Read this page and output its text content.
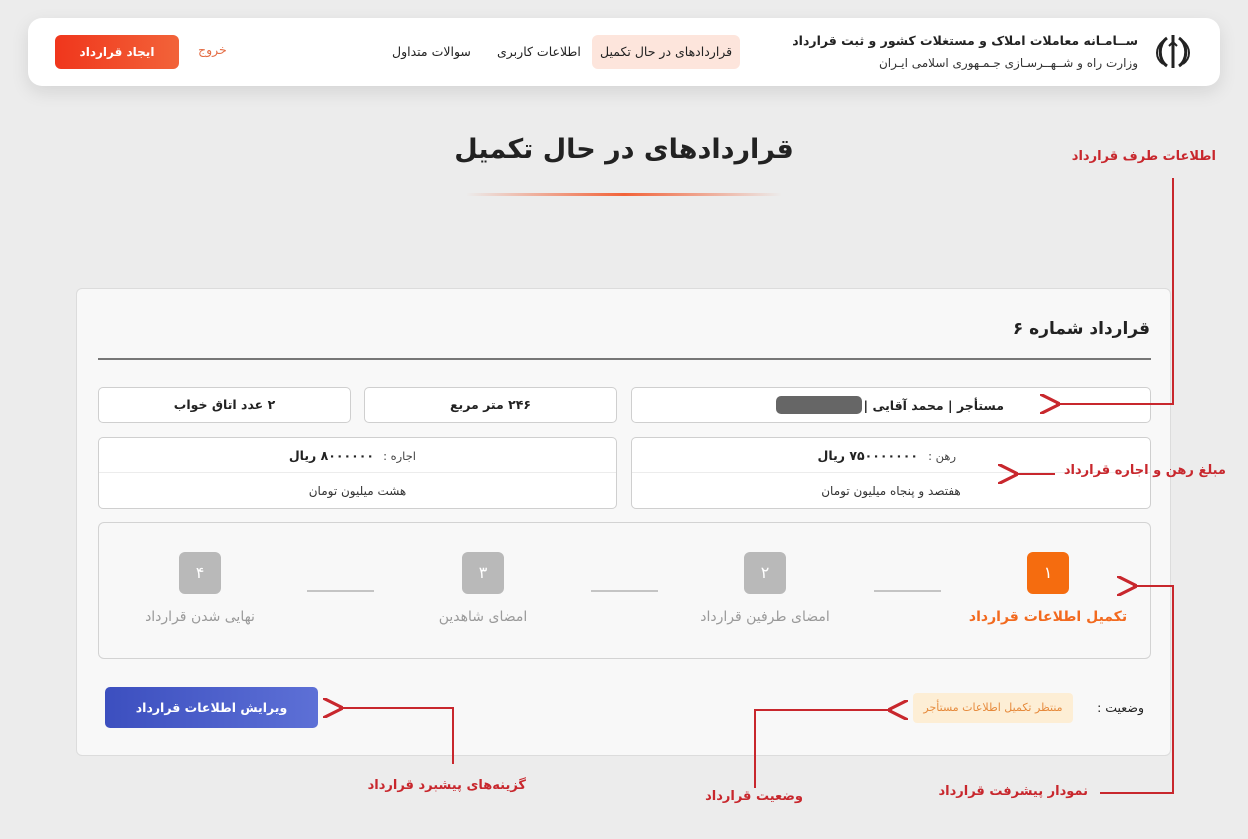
ســامـانه معاملات املاک و مستغلات کشور و ثبت قرارداد
وزارت راه و شــهــرسـازی جـمـهوری اسلامی ایـران
قراردادهای در حال تکمیل
اطلاعات کاربری
سوالات متداول
خروج
ایجاد قرارداد
قراردادهای در حال تکمیل
قرارداد شماره ۶
مستأجر | محمد آقایی |
۲۴۶ متر مربع
۲ عدد اتاق خواب
رهن :
۷۵۰۰۰۰۰۰۰ ریال
هفتصد و پنجاه میلیون تومان
اجاره :
۸۰۰۰۰۰۰ ریال
هشت میلیون تومان
۱
تکمیل اطلاعات قرارداد
۲
امضای طرفین قرارداد
۳
امضای شاهدین
۴
نهایی شدن قرارداد
وضعیت :
منتظر تکمیل اطلاعات مستأجر
ویرایش اطلاعات قرارداد
اطلاعات طرف قرارداد
مبلغ رهن و اجاره قرارداد
نمودار پیشرفت قرارداد
وضعیت قرارداد
گزینه‌های پیشبرد قرارداد
